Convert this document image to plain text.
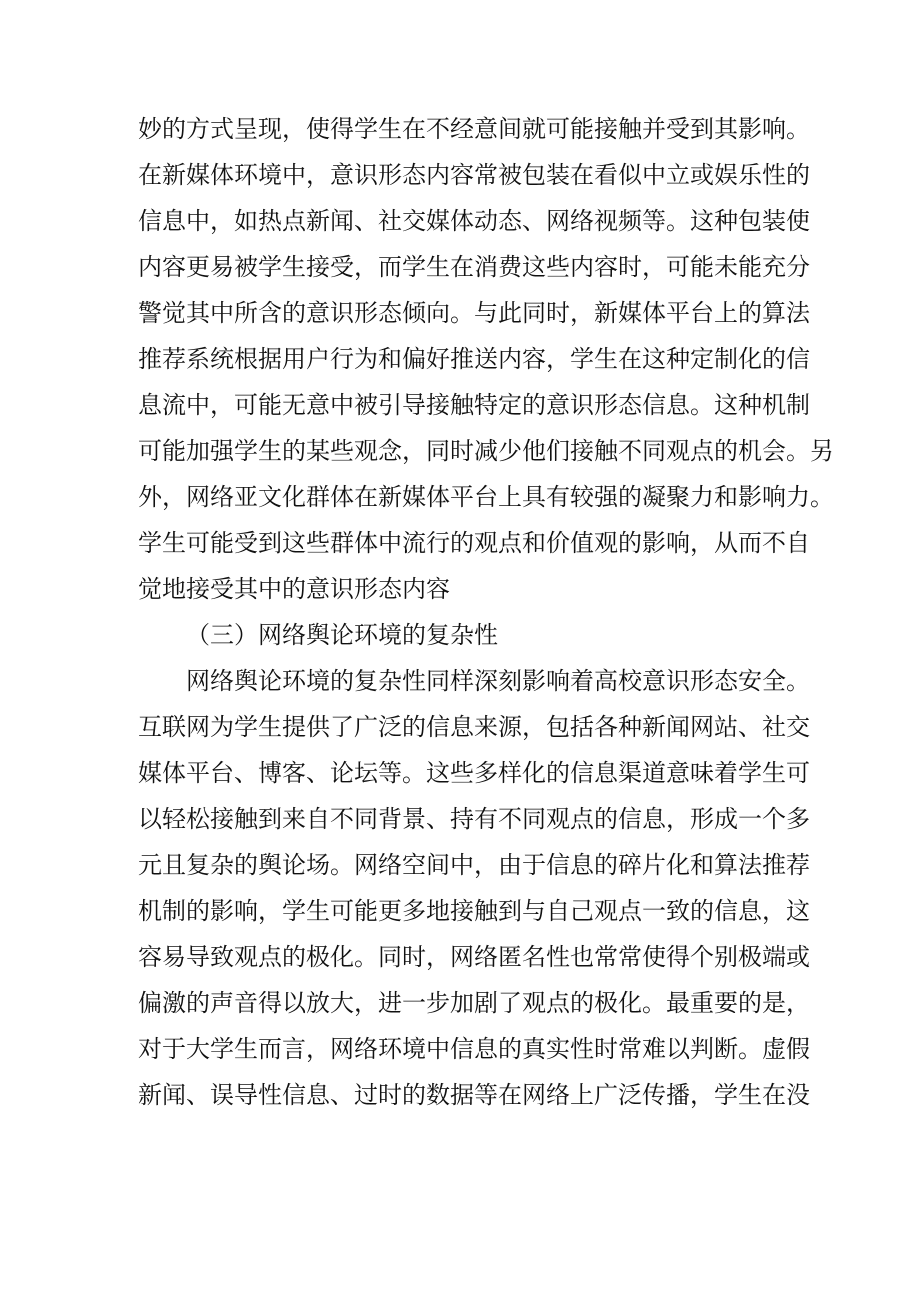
妙的方式呈现，使得学生在不经意间就可能接触并受到其影响。
在新媒体环境中，意识形态内容常被包装在看似中立或娱乐性的
信息中，如热点新闻、社交媒体动态、网络视频等。这种包装使
内容更易被学生接受，而学生在消费这些内容时，可能未能充分
警觉其中所含的意识形态倾向。与此同时，新媒体平台上的算法
推荐系统根据用户行为和偏好推送内容，学生在这种定制化的信
息流中，可能无意中被引导接触特定的意识形态信息。这种机制
可能加强学生的某些观念，同时减少他们接触不同观点的机会。另
外，网络亚文化群体在新媒体平台上具有较强的凝聚力和影响力。
学生可能受到这些群体中流行的观点和价值观的影响，从而不自
觉地接受其中的意识形态内容
（三）网络舆论环境的复杂性
网络舆论环境的复杂性同样深刻影响着高校意识形态安全。
互联网为学生提供了广泛的信息来源，包括各种新闻网站、社交
媒体平台、博客、论坛等。这些多样化的信息渠道意味着学生可
以轻松接触到来自不同背景、持有不同观点的信息，形成一个多
元且复杂的舆论场。网络空间中，由于信息的碎片化和算法推荐
机制的影响，学生可能更多地接触到与自己观点一致的信息，这
容易导致观点的极化。同时，网络匿名性也常常使得个别极端或
偏激的声音得以放大，进一步加剧了观点的极化。最重要的是，
对于大学生而言，网络环境中信息的真实性时常难以判断。虚假
新闻、误导性信息、过时的数据等在网络上广泛传播，学生在没
